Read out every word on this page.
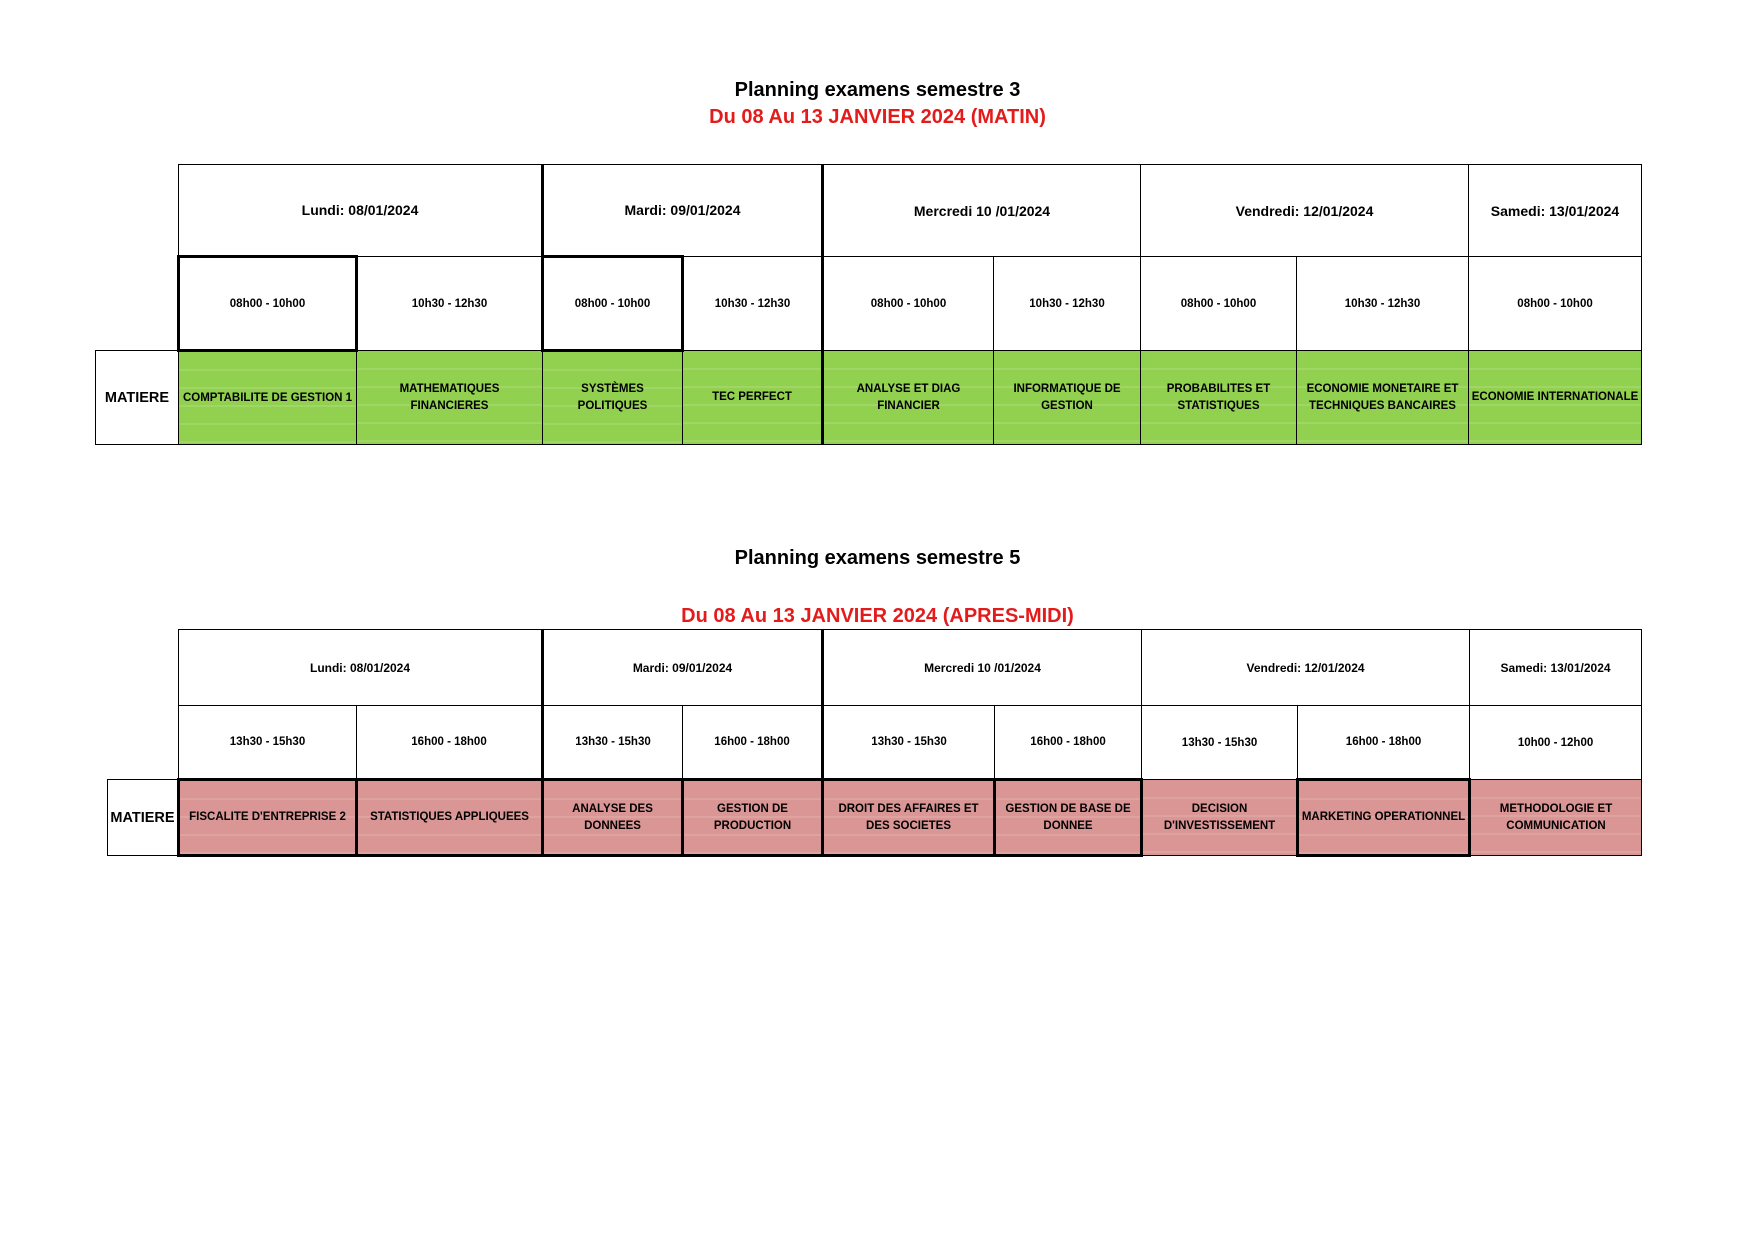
Planning examens semestre 3
Du 08 Au 13 JANVIER 2024 (MATIN)
	Lundi: 08/01/2024		Mardi: 09/01/2024		Mercredi 10 /01/2024		Vendredi: 12/01/2024		Samedi: 13/01/2024
	08h00 - 10h00	10h30 - 12h30	08h00 - 10h00	10h30 - 12h30	08h00 - 10h00	10h30 - 12h30	08h00 - 10h00	10h30 - 12h30	08h00 - 10h00
MATIERE	COMPTABILITE DE GESTION 1	MATHEMATIQUES FINANCIERES	SYSTÈMES POLITIQUES	TEC PERFECT	ANALYSE ET DIAG FINANCIER	INFORMATIQUE DE GESTION	PROBABILITES ET STATISTIQUES	ECONOMIE MONETAIRE ET TECHNIQUES BANCAIRES	ECONOMIE INTERNATIONALE
Planning examens semestre 5
Du 08 Au 13 JANVIER 2024 (APRES-MIDI)
	Lundi: 08/01/2024		Mardi: 09/01/2024		Mercredi 10 /01/2024		Vendredi: 12/01/2024		Samedi: 13/01/2024
	13h30 - 15h30	16h00 - 18h00	13h30 - 15h30	16h00 - 18h00	13h30 - 15h30	16h00 - 18h00	13h30 - 15h30	16h00 - 18h00	10h00 - 12h00
MATIERE	FISCALITE D'ENTREPRISE 2	STATISTIQUES APPLIQUEES	ANALYSE DES DONNEES	GESTION DE PRODUCTION	DROIT DES AFFAIRES ET DES SOCIETES	GESTION DE BASE DE DONNEE	DECISION D'INVESTISSEMENT	MARKETING OPERATIONNEL	METHODOLOGIE ET COMMUNICATION
